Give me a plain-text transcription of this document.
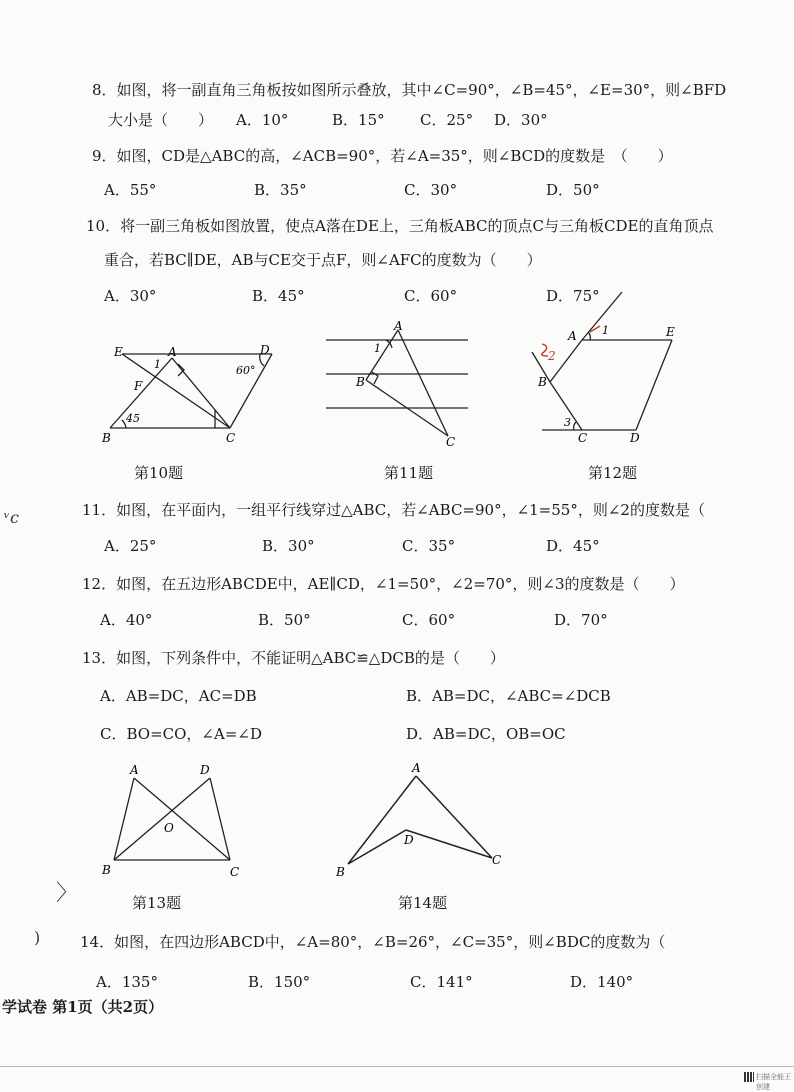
8．如图，将一副直角三角板按如图所示叠放，其中∠C=90°，∠B=45°，∠E=30°，则∠BFD
大小是（　　） A．10°	B．15° C．25° D．30°
9．如图，CD是△ABC的高，∠ACB=90°，若∠A=35°，则∠BCD的度数是　（　　）
A．55°	B．35°	C．30°	D．50°
10．将一副三角板如图放置，使点A落在DE上，三角板ABC的顶点C与三角板CDE的直角顶点
重合，若BC∥DE，AB与CE交于点F，则∠AFC的度数为（　　）
A．30°	B．45°	C．60°	D．75°
E	A	D
F
B	C
1	60°
45
A
B
C
1
A	E
B
C	D
1
2
3
第10题	第11题	第12题
11．如图，在平面内，一组平行线穿过△ABC，若∠ABC=90°，∠1=55°，则∠2的度数是（
A．25°	B．30°	C．35°	D．45°
12．如图，在五边形ABCDE中，AE∥CD，∠1=50°，∠2=70°，则∠3的度数是（　　）
A．40°	B．50°	C．60°	D．70°
13．如图，下列条件中，不能证明△ABC≌△DCB的是（　　）
A．AB=DC，AC=DB	B．AB=DC，∠ABC=∠DCB
C．BO=CO，∠A=∠D	D．AB=DC，OB=OC
A	D
O
B	C
A
D
B
C
第13题	第14题
14．如图，在四边形ABCD中，∠A=80°，∠B=26°，∠C=35°，则∠BDC的度数为（
A．135°	B．150°	C．141°	D．140°
ᵛc
〉
)
学试卷 第1页（共2页）
扫描全能王 创建
